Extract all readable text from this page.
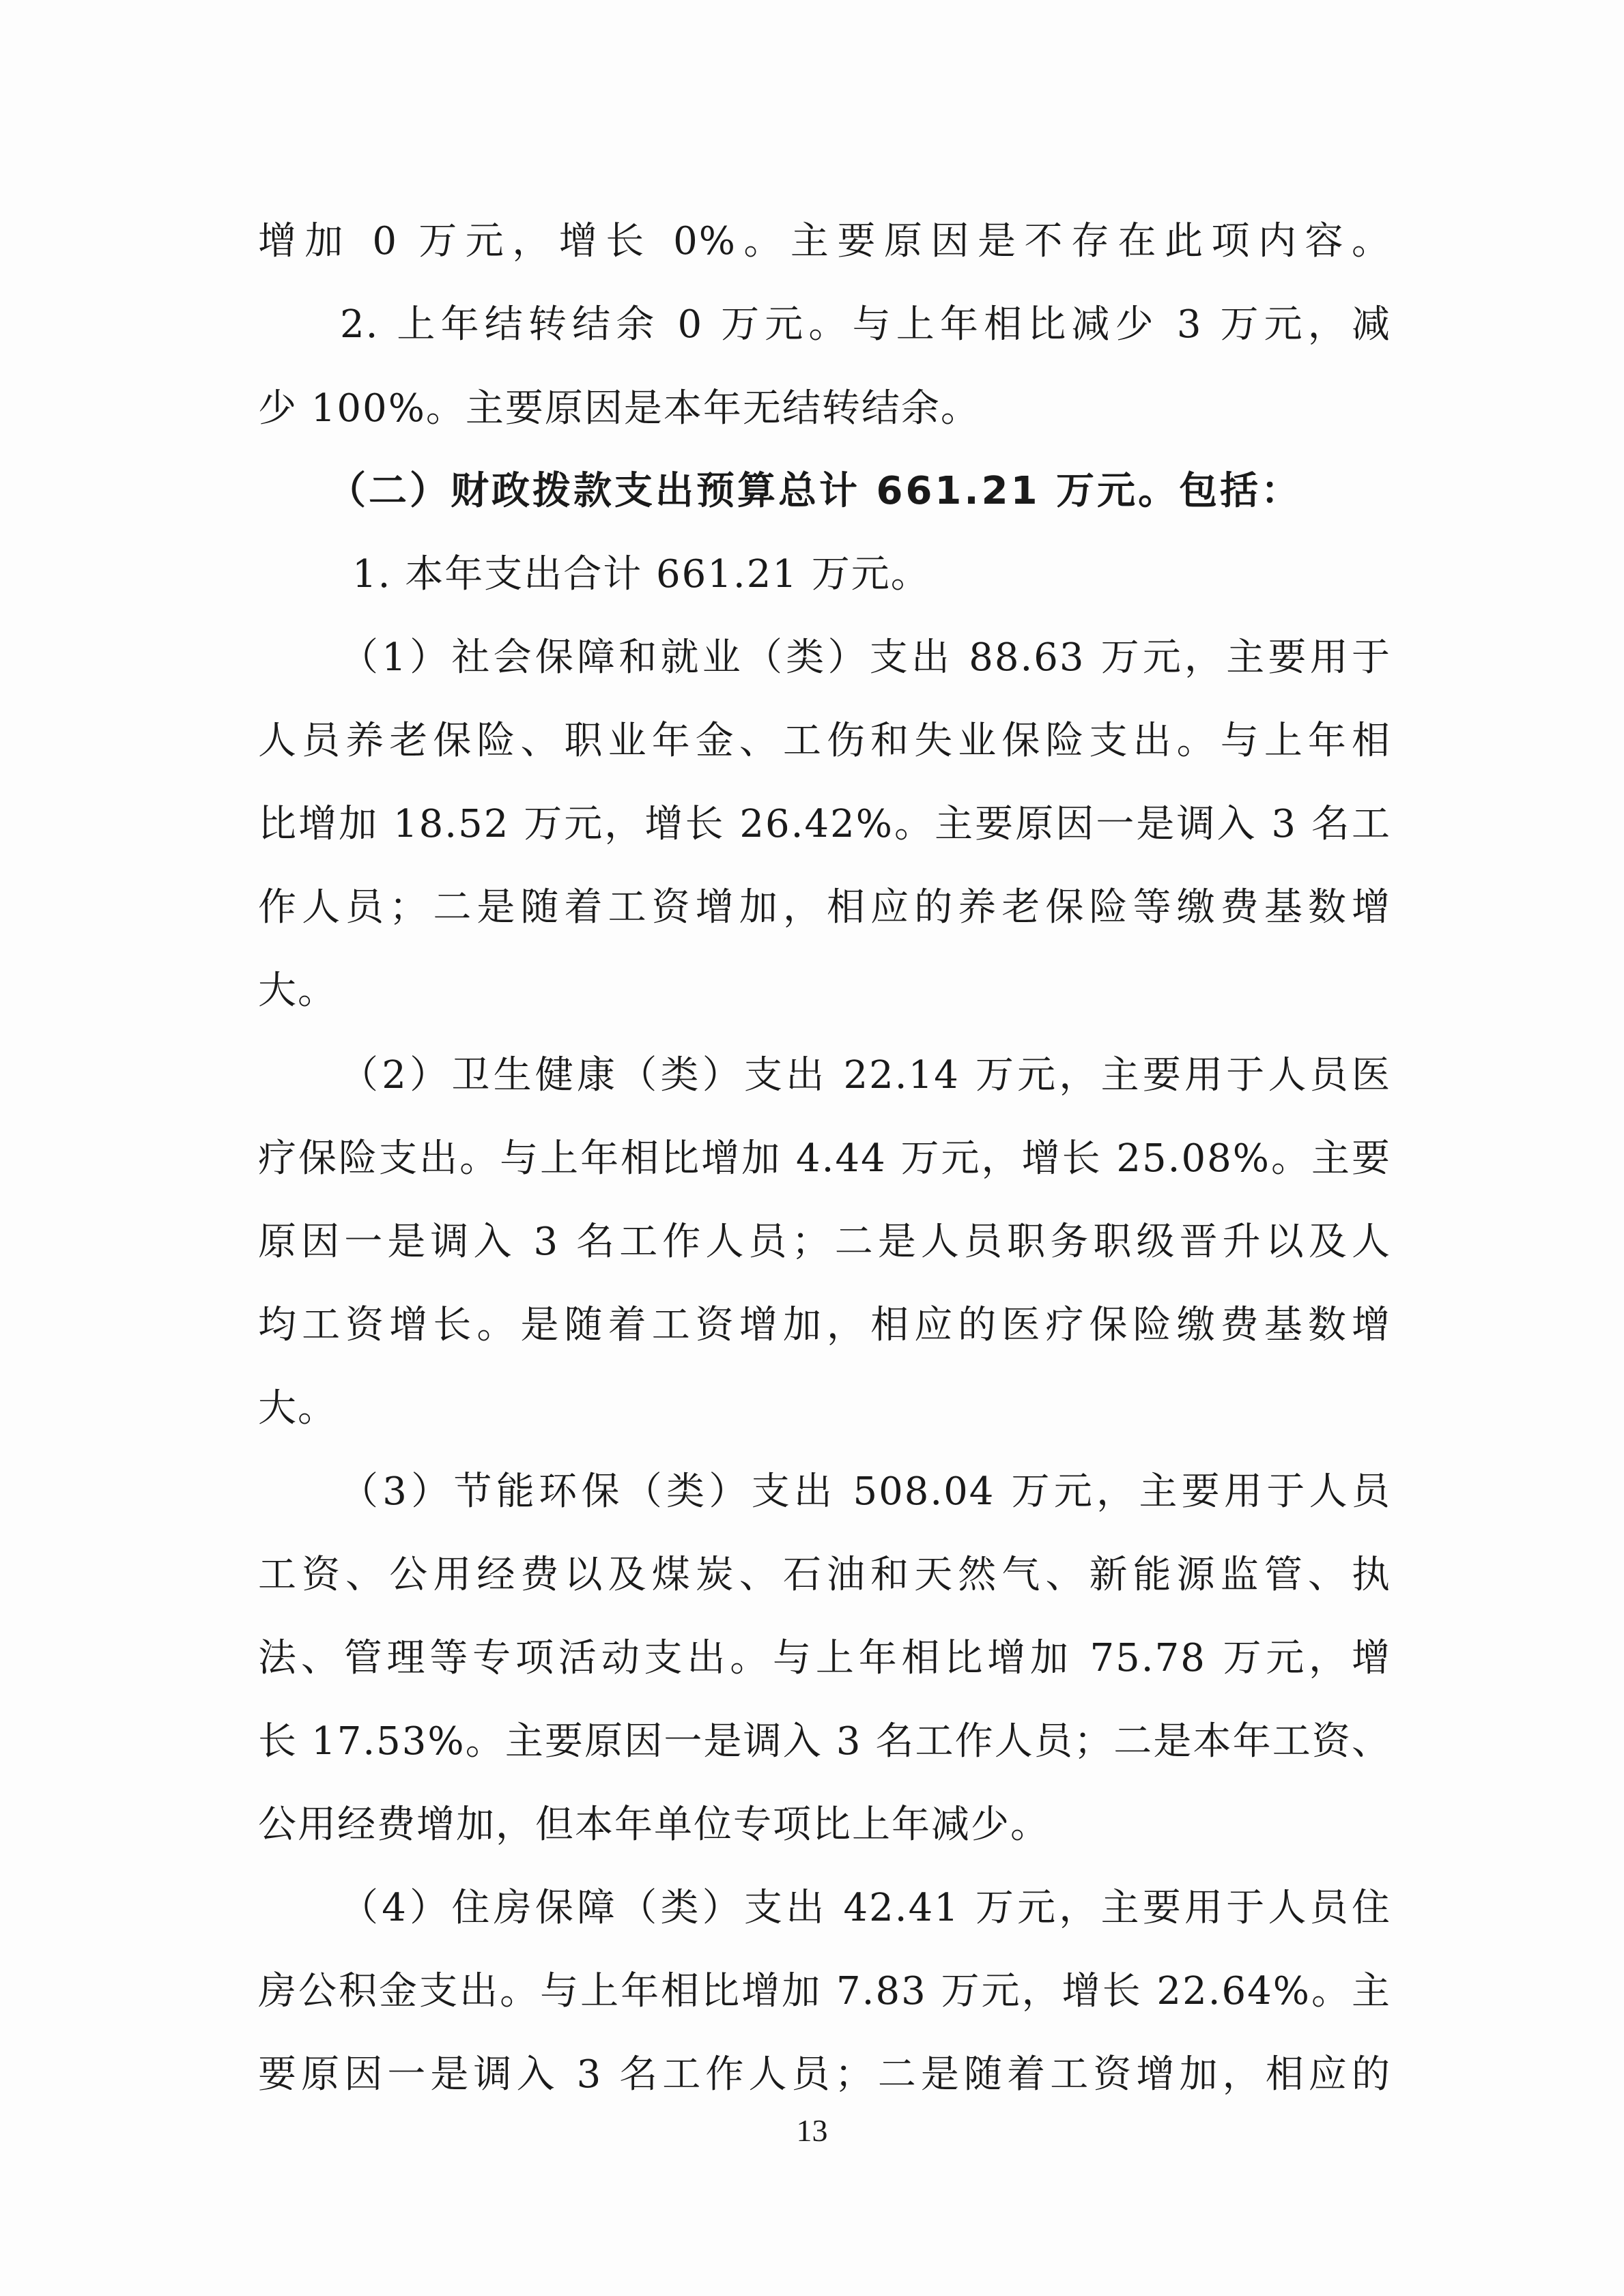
增加 0 万元，增长 0%。主要原因是不存在此项内容。
2. 上年结转结余 0 万元。与上年相比减少 3 万元，减
少 100%。主要原因是本年无结转结余。
（二）财政拨款支出预算总计 661.21 万元。包括：
1. 本年支出合计 661.21 万元。
（1）社会保障和就业（类）支出 88.63 万元，主要用于
人员养老保险、职业年金、工伤和失业保险支出。与上年相
比增加 18.52 万元，增长 26.42%。主要原因一是调入 3 名工
作人员；二是随着工资增加，相应的养老保险等缴费基数增
大。
（2）卫生健康（类）支出 22.14 万元，主要用于人员医
疗保险支出。与上年相比增加 4.44 万元，增长 25.08%。主要
原因一是调入 3 名工作人员；二是人员职务职级晋升以及人
均工资增长。是随着工资增加，相应的医疗保险缴费基数增
大。
（3）节能环保（类）支出 508.04 万元，主要用于人员
工资、公用经费以及煤炭、石油和天然气、新能源监管、执
法、管理等专项活动支出。与上年相比增加 75.78 万元，增
长 17.53%。主要原因一是调入 3 名工作人员；二是本年工资、
公用经费增加，但本年单位专项比上年减少。
（4）住房保障（类）支出 42.41 万元，主要用于人员住
房公积金支出。与上年相比增加 7.83 万元，增长 22.64%。主
要原因一是调入 3 名工作人员；二是随着工资增加，相应的
13
